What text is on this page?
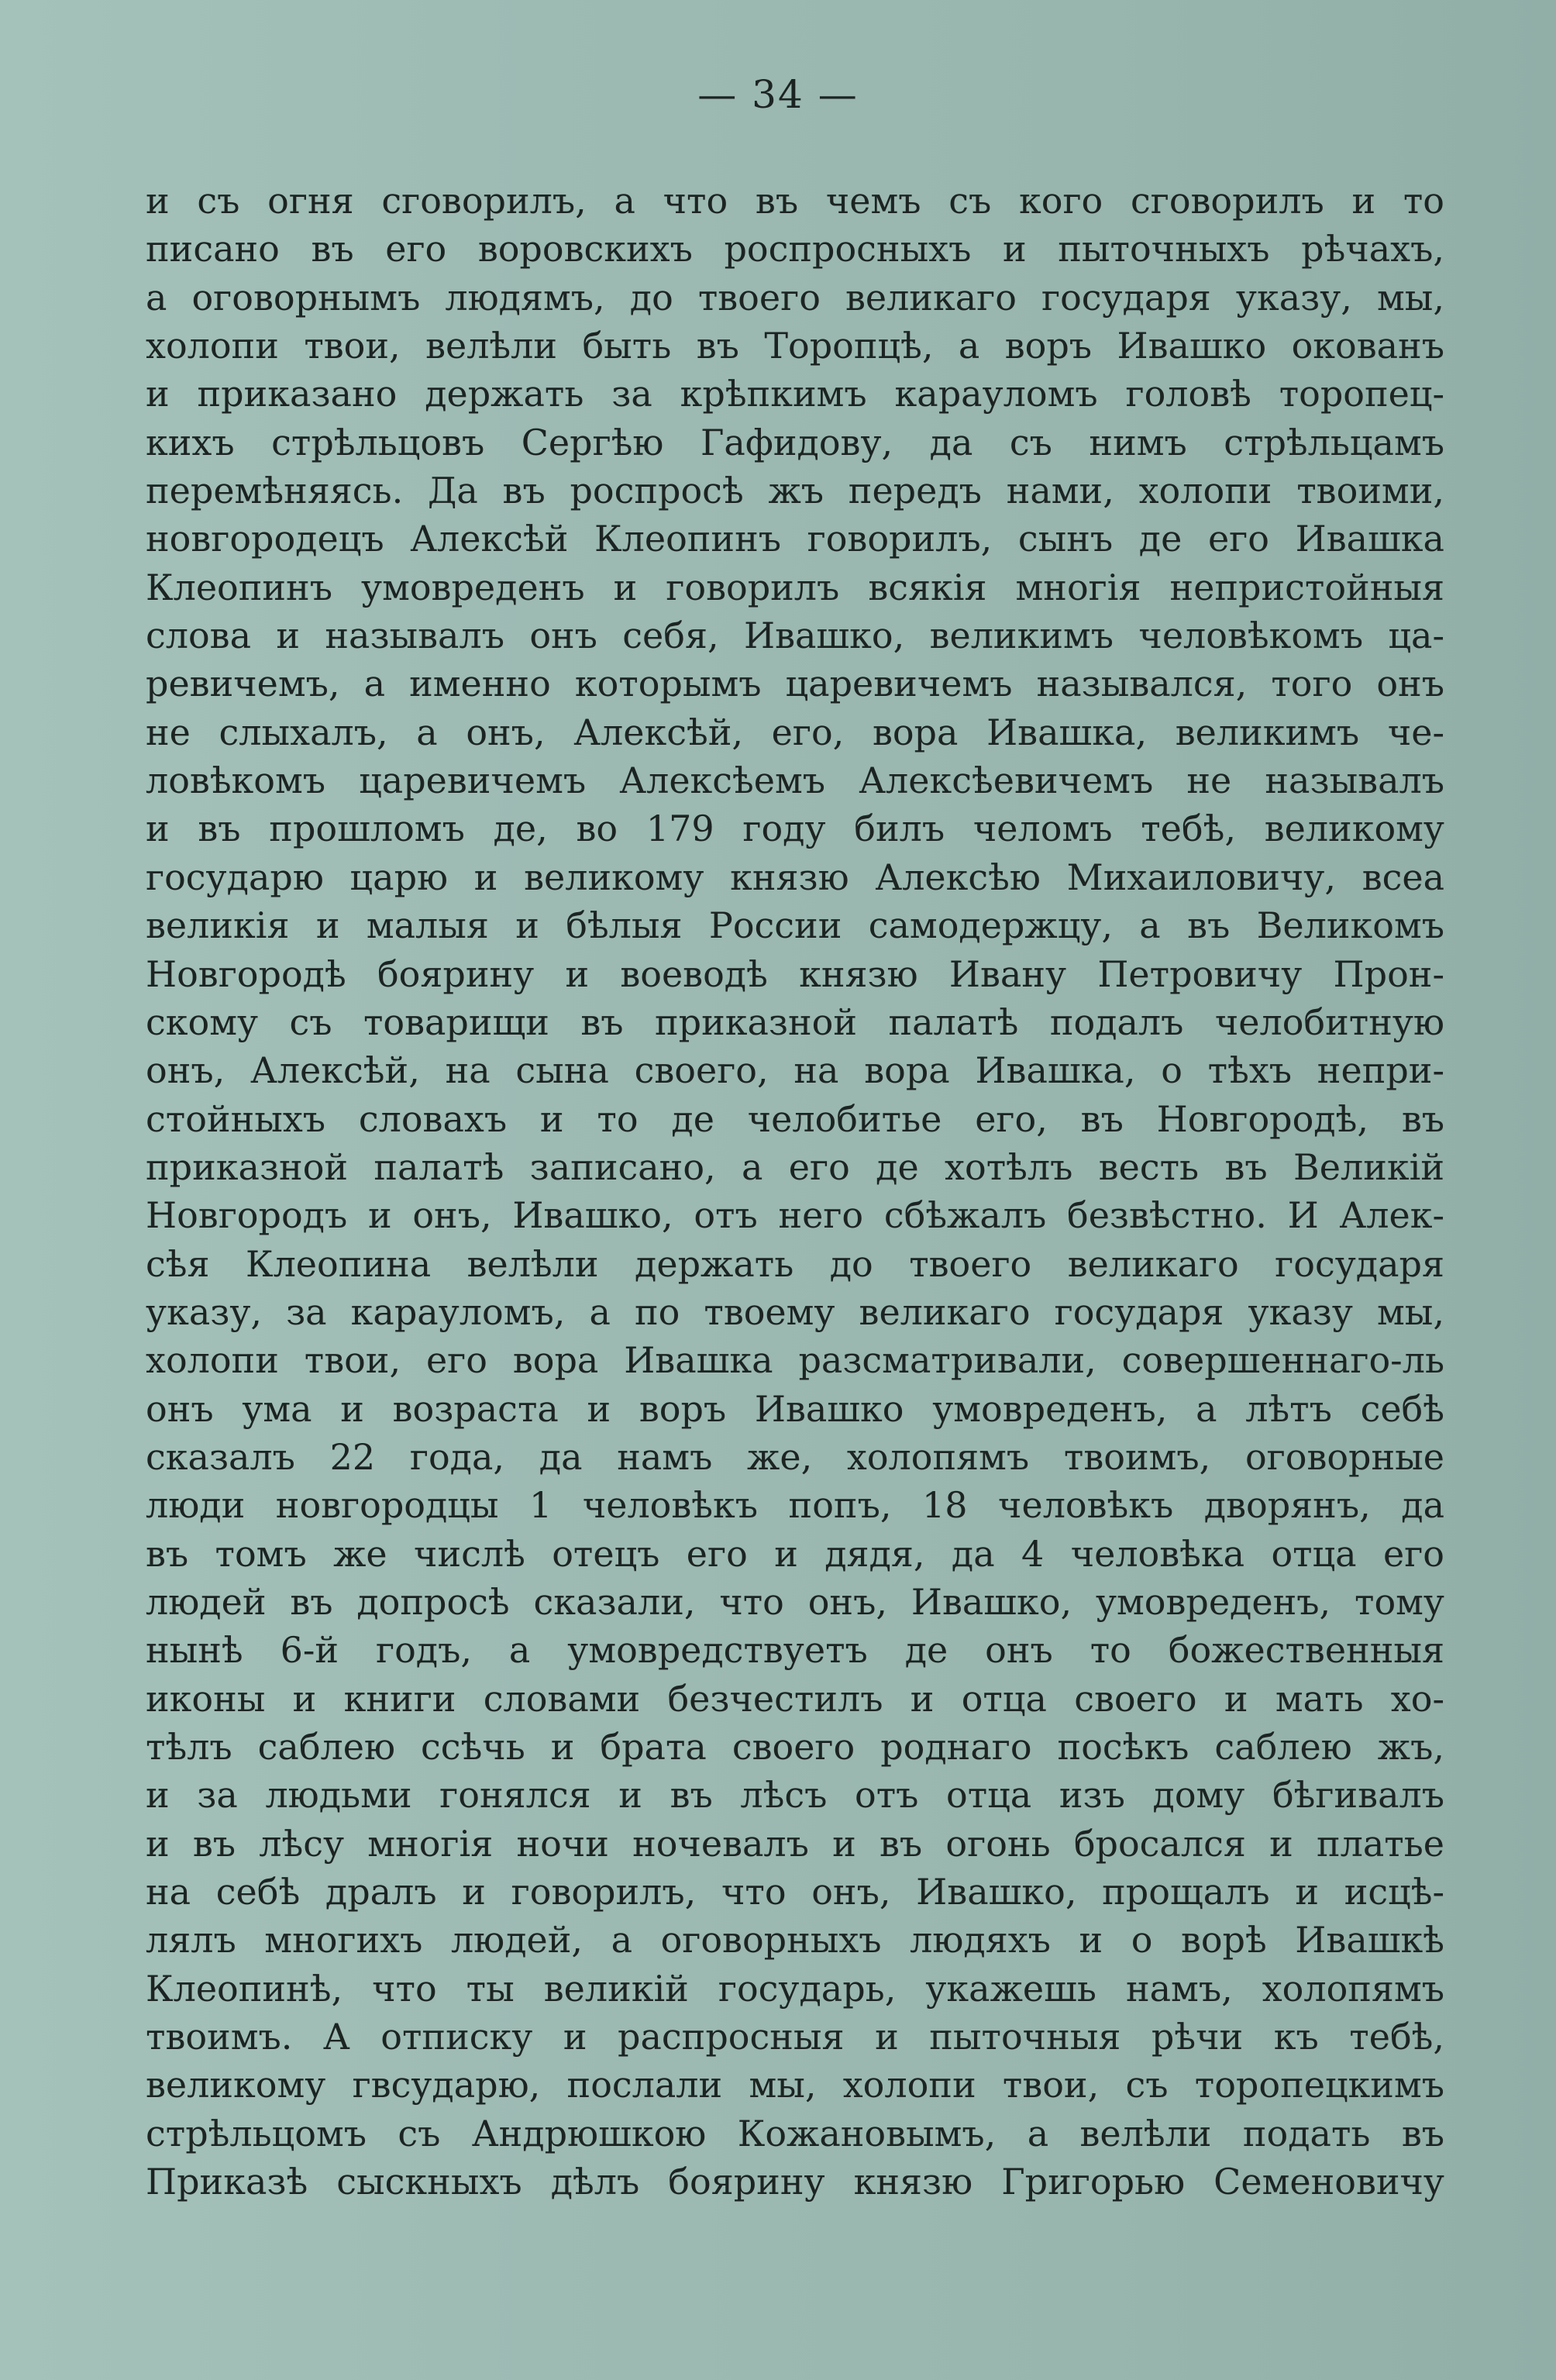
— 34 —
и съ огня сговорилъ, а что въ чемъ съ кого сговорилъ и то
писано въ его воровскихъ роспросныхъ и пыточныхъ рѣчахъ,
а оговорнымъ людямъ, до твоего великаго государя указу, мы,
холопи твои, велѣли быть въ Торопцѣ, а воръ Ивашко окованъ
и приказано держать за крѣпкимъ карауломъ головѣ торопец-
кихъ стрѣльцовъ Сергѣю Гафидову, да съ нимъ стрѣльцамъ
перемѣняясь. Да въ роспросѣ жъ передъ нами, холопи твоими,
новгородецъ Алексѣй Клеопинъ говорилъ, сынъ де его Ивашка
Клеопинъ умовреденъ и говорилъ всякія многія непристойныя
слова и называлъ онъ себя, Ивашко, великимъ человѣкомъ ца-
ревичемъ, а именно которымъ царевичемъ назывался, того онъ
не слыхалъ, а онъ, Алексѣй, его, вора Ивашка, великимъ че-
ловѣкомъ царевичемъ Алексѣемъ Алексѣевичемъ не называлъ
и въ прошломъ де, во 179 году билъ челомъ тебѣ, великому
государю царю и великому князю Алексѣю Михаиловичу, всеа
великія и малыя и бѣлыя России самодержцу, а въ Великомъ
Новгородѣ боярину и воеводѣ князю Ивану Петровичу Прон-
скому съ товарищи въ приказной палатѣ подалъ челобитную
онъ, Алексѣй, на сына своего, на вора Ивашка, о тѣхъ непри-
стойныхъ словахъ и то де челобитье его, въ Новгородѣ, въ
приказной палатѣ записано, а его де хотѣлъ весть въ Великій
Новгородъ и онъ, Ивашко, отъ него сбѣжалъ безвѣстно. И Алек-
сѣя Клеопина велѣли держать до твоего великаго государя
указу, за карауломъ, а по твоему великаго государя указу мы,
холопи твои, его вора Ивашка разсматривали, совершеннаго-ль
онъ ума и возраста и воръ Ивашко умовреденъ, а лѣтъ себѣ
сказалъ 22 года, да намъ же, холопямъ твоимъ, оговорные
люди новгородцы 1 человѣкъ попъ, 18 человѣкъ дворянъ, да
въ томъ же числѣ отецъ его и дядя, да 4 человѣка отца его
людей въ допросѣ сказали, что онъ, Ивашко, умовреденъ, тому
нынѣ 6-й годъ, а умовредствуетъ де онъ то божественныя
иконы и книги словами безчестилъ и отца своего и мать хо-
тѣлъ саблею ссѣчь и брата своего роднаго посѣкъ саблею жъ,
и за людьми гонялся и въ лѣсъ отъ отца изъ дому бѣгивалъ
и въ лѣсу многія ночи ночевалъ и въ огонь бросался и платье
на себѣ дралъ и говорилъ, что онъ, Ивашко, прощалъ и исцѣ-
лялъ многихъ людей, а оговорныхъ людяхъ и о ворѣ Ивашкѣ
Клеопинѣ, что ты великій государь, укажешь намъ, холопямъ
твоимъ. А отписку и распросныя и пыточныя рѣчи къ тебѣ,
великому гвсударю, послали мы, холопи твои, съ торопецкимъ
стрѣльцомъ съ Андрюшкою Кожановымъ, а велѣли подать въ
Приказѣ сыскныхъ дѣлъ боярину князю Григорью Семеновичу
